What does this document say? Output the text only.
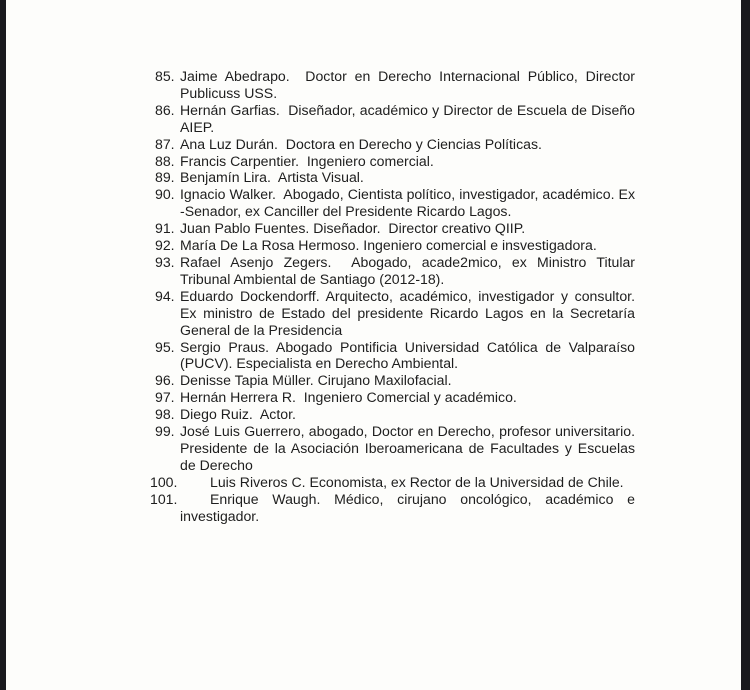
85. Jaime Abedrapo.  Doctor en Derecho Internacional Público, Director Publicuss USS.
86. Hernán Garfias.  Diseñador, académico y Director de Escuela de Diseño AIEP.
87. Ana Luz Durán.  Doctora en Derecho y Ciencias Políticas.
88. Francis Carpentier.  Ingeniero comercial.
89. Benjamín Lira.  Artista Visual.
90. Ignacio Walker.  Abogado, Cientista político, investigador, académico. Ex -Senador, ex Canciller del Presidente Ricardo Lagos.
91. Juan Pablo Fuentes. Diseñador.  Director creativo QIIP.
92. María De La Rosa Hermoso. Ingeniero comercial e insvestigadora.
93. Rafael Asenjo Zegers.  Abogado, acade2mico, ex Ministro Titular Tribunal Ambiental de Santiago (2012-18).
94. Eduardo Dockendorff. Arquitecto, académico, investigador y consultor. Ex ministro de Estado del presidente Ricardo Lagos en la Secretaría General de la Presidencia
95. Sergio Praus. Abogado Pontificia Universidad Católica de Valparaíso (PUCV). Especialista en Derecho Ambiental.
96. Denisse Tapia Müller. Cirujano Maxilofacial.
97. Hernán Herrera R.  Ingeniero Comercial y académico.
98. Diego Ruiz.  Actor.
99. José Luis Guerrero, abogado, Doctor en Derecho, profesor universitario. Presidente de la Asociación Iberoamericana de Facultades y Escuelas de Derecho
100. Luis Riveros C. Economista, ex Rector de la Universidad de Chile.
101. Enrique Waugh. Médico, cirujano oncológico, académico e investigador.
